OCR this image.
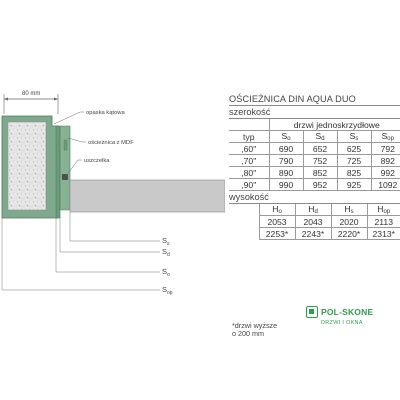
80 mm
opaska kątowa
ościeżnica z MDF
uszczelka
$S_s$
$S_d$
$S_o$
$S_{op}$
OŚCIEŻNICA DIN AQUA DUO
szerokość
	drzwi jednoskrzydłowe			
typ	So	Sd	Ss	Sop
,60"	690	652	625	792
,70"	790	752	725	892
,80"	890	852	825	992
,90"	990	952	925	1092
wysokość
	Ho	Hd	Hs	Hop
	2053	2043	2020	2113
	2253*	2243*	2220*	2313*
*drzwi wyższe
o 200 mm
POL-SKONE
DRZWI I OKNA
